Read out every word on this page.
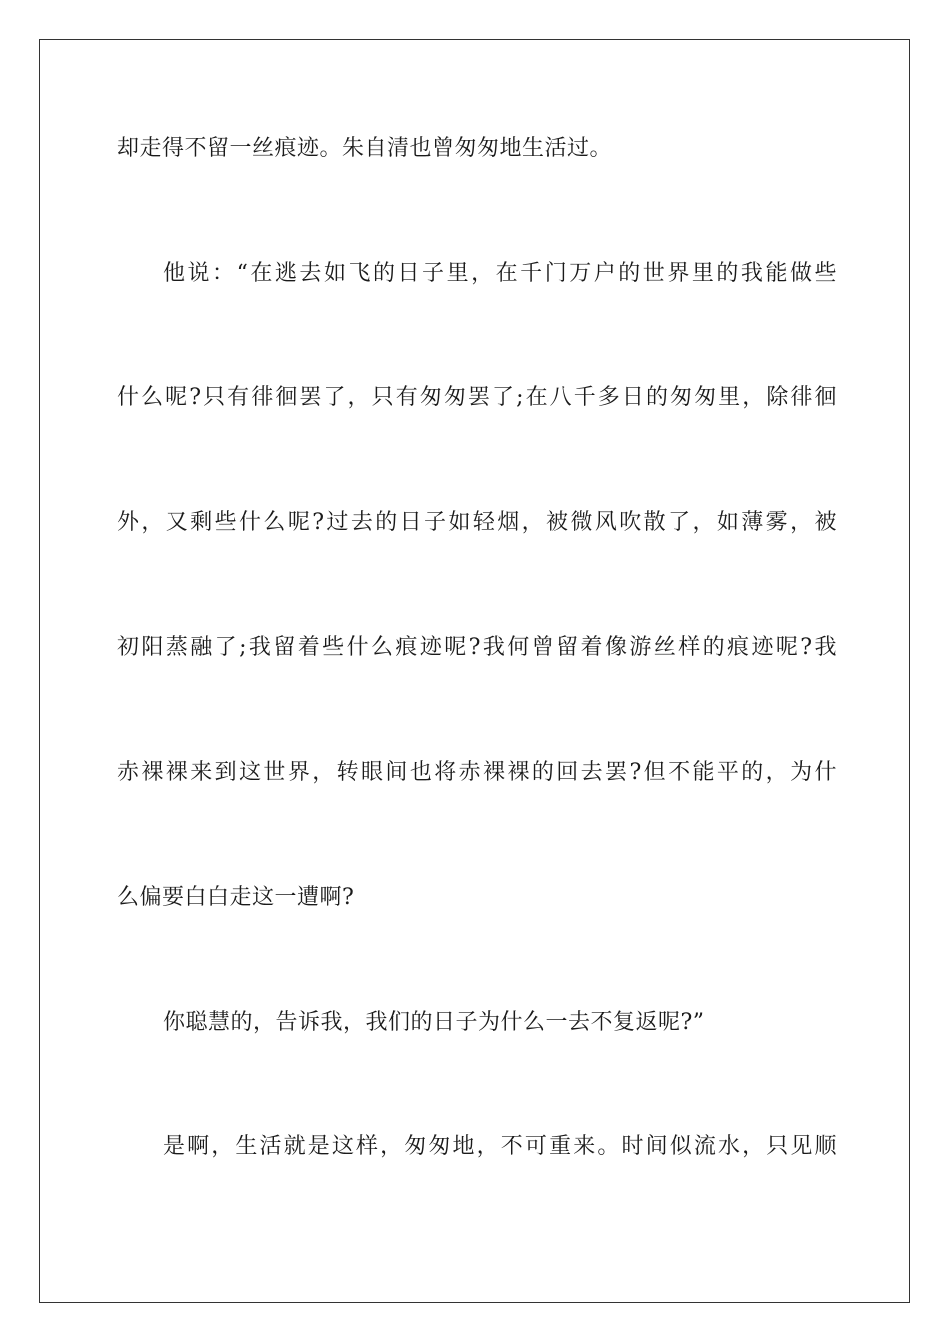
却走得不留一丝痕迹。朱自清也曾匆匆地生活过。
他说：“在逃去如飞的日子里，在千门万户的世界里的我能做些
什么呢?只有徘徊罢了，只有匆匆罢了;在八千多日的匆匆里，除徘徊
外，又剩些什么呢?过去的日子如轻烟，被微风吹散了，如薄雾，被
初阳蒸融了;我留着些什么痕迹呢?我何曾留着像游丝样的痕迹呢?我
赤裸裸来到这世界，转眼间也将赤裸裸的回去罢?但不能平的，为什
么偏要白白走这一遭啊?
你聪慧的，告诉我，我们的日子为什么一去不复返呢?”
是啊，生活就是这样，匆匆地，不可重来。时间似流水，只见顺
